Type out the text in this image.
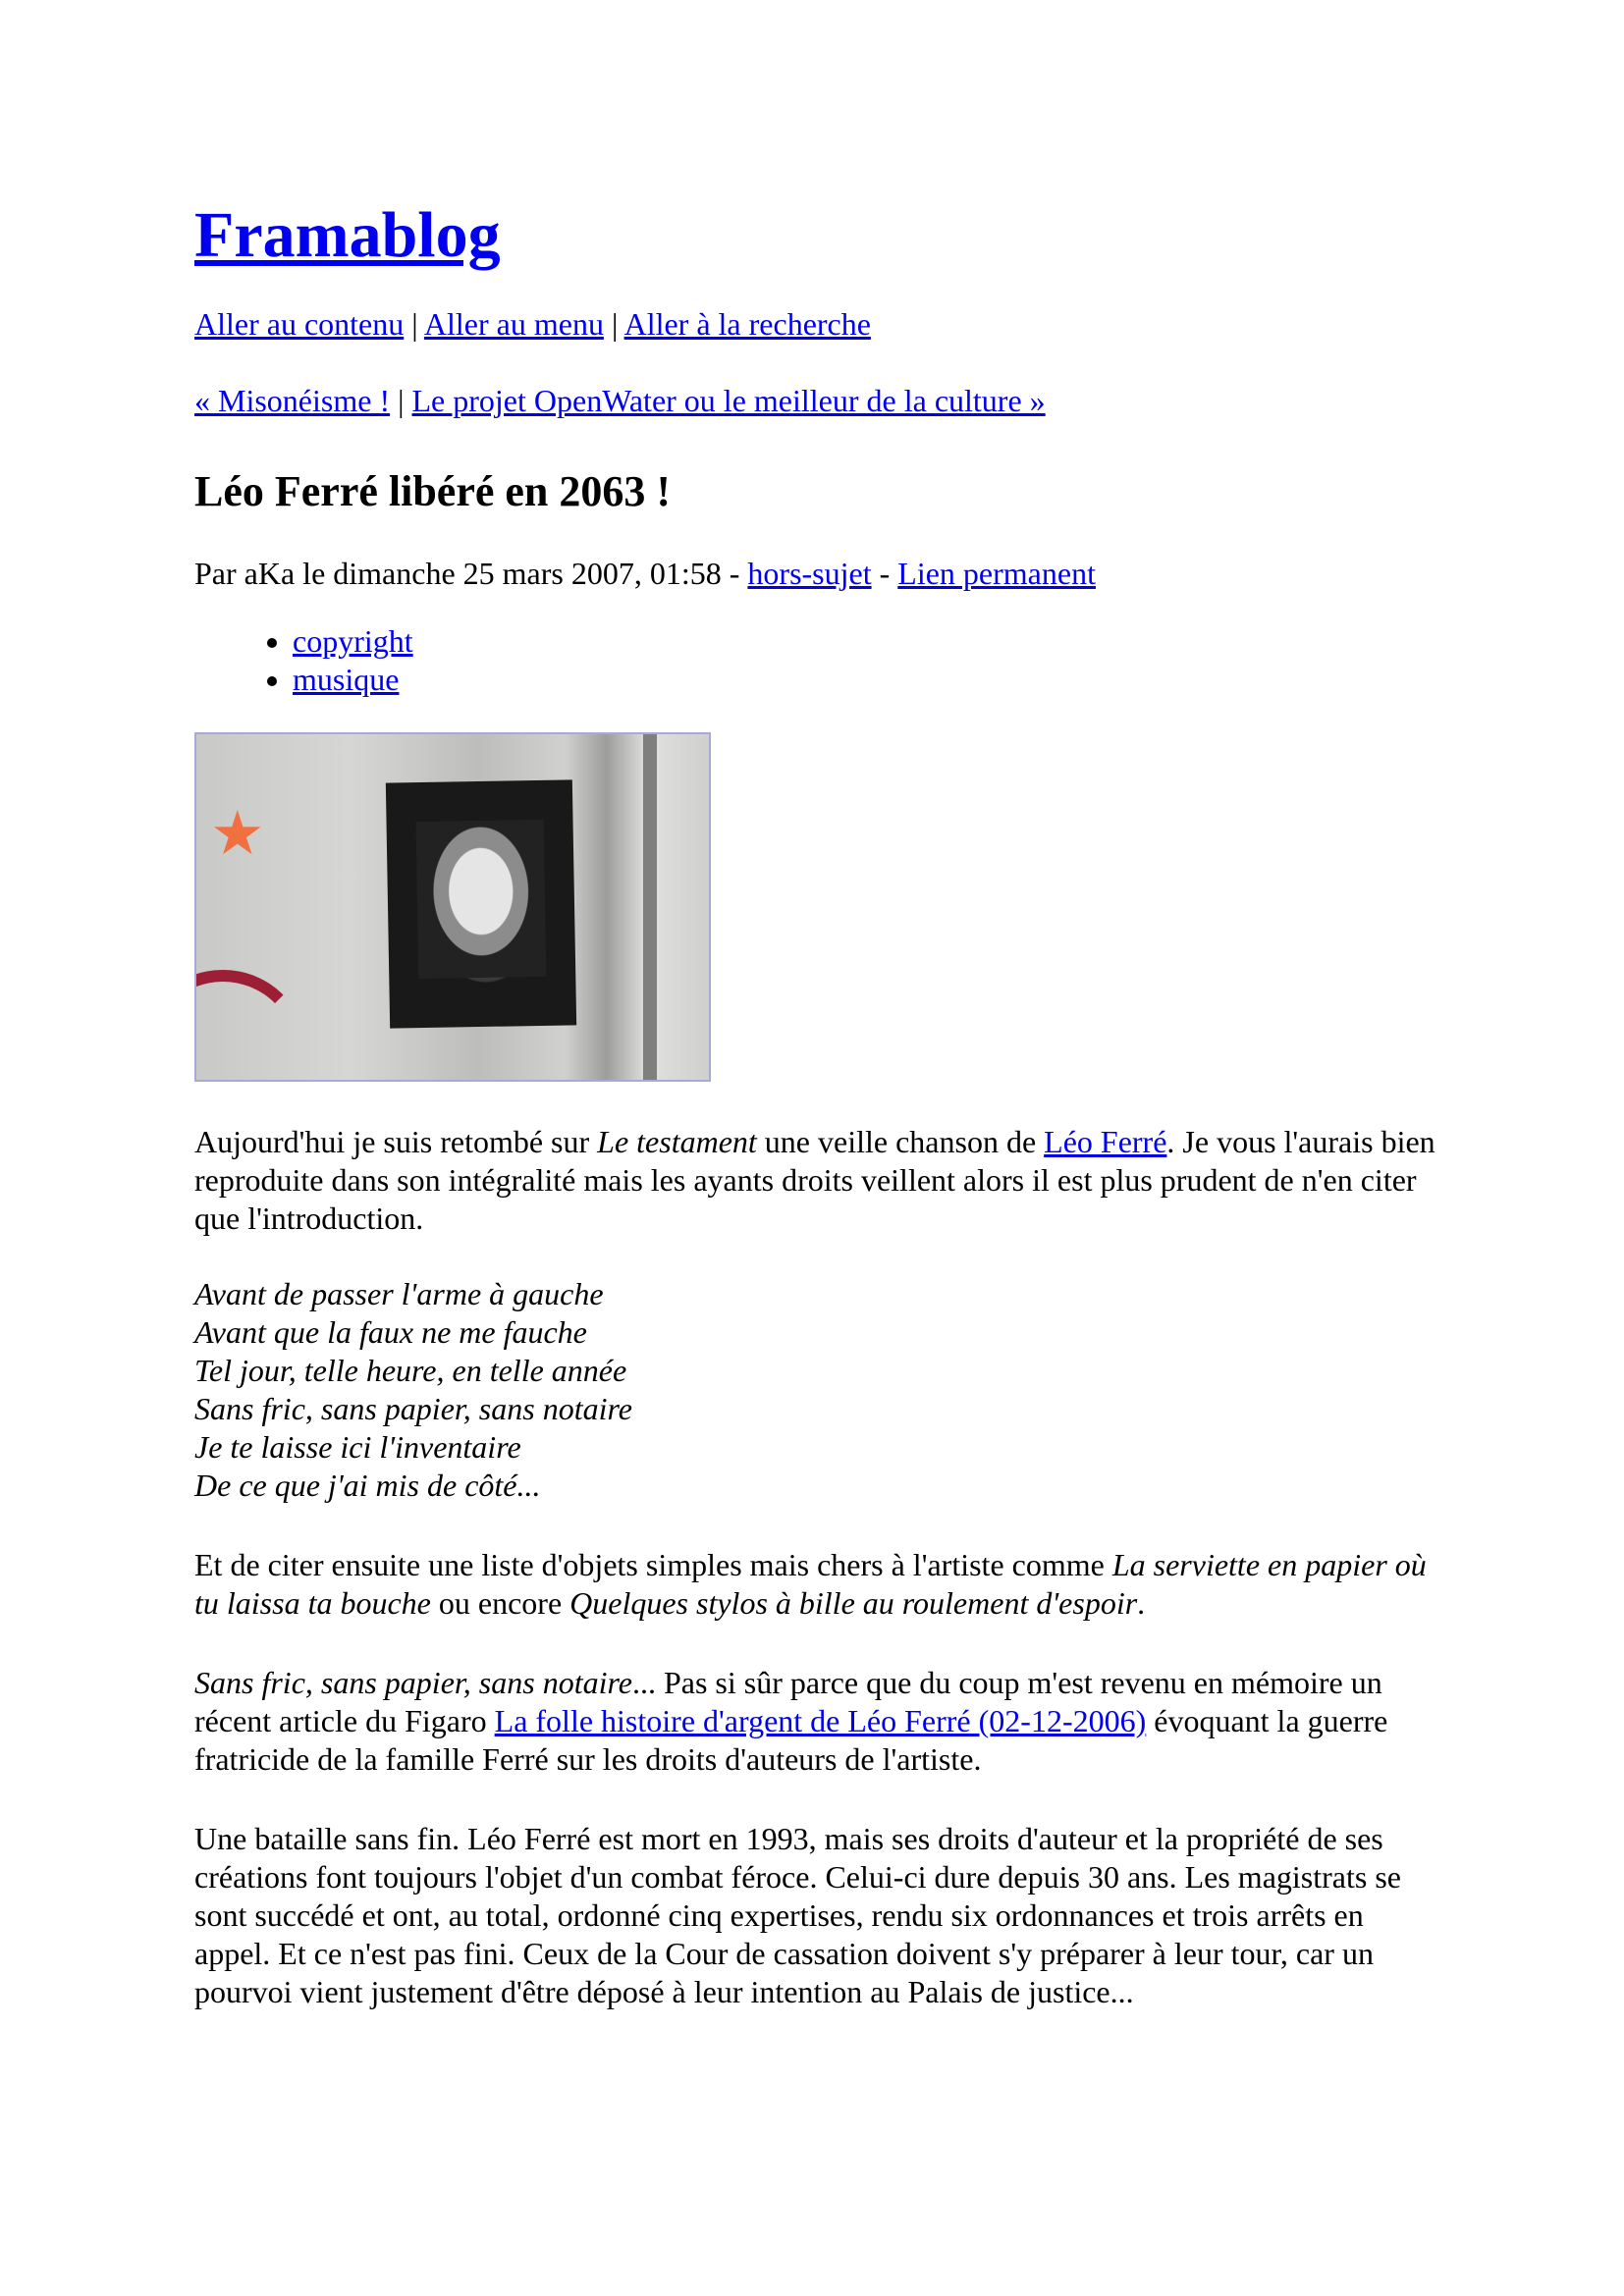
Framablog

Aller au contenu | Aller au menu | Aller à la recherche

« Misonéisme ! | Le projet OpenWater ou le meilleur de la culture »

Léo Ferré libéré en 2063 !

Par aKa le dimanche 25 mars 2007, 01:58 - hors-sujet - Lien permanent

• copyright
• musique
★

Aujourd'hui je suis retombé sur Le testament une veille chanson de Léo Ferré. Je vous l'aurais bien reproduite dans son intégralité mais les ayants droits veillent alors il est plus prudent de n'en citer que l'introduction.

Avant de passer l'arme à gauche
Avant que la faux ne me fauche
Tel jour, telle heure, en telle année
Sans fric, sans papier, sans notaire
Je te laisse ici l'inventaire
De ce que j'ai mis de côté...

Et de citer ensuite une liste d'objets simples mais chers à l'artiste comme La serviette en papier où tu laissa ta bouche ou encore Quelques stylos à bille au roulement d'espoir.

Sans fric, sans papier, sans notaire... Pas si sûr parce que du coup m'est revenu en mémoire un récent article du Figaro La folle histoire d'argent de Léo Ferré (02-12-2006) évoquant la guerre fratricide de la famille Ferré sur les droits d'auteurs de l'artiste.

Une bataille sans fin. Léo Ferré est mort en 1993, mais ses droits d'auteur et la propriété de ses créations font toujours l'objet d'un combat féroce. Celui-ci dure depuis 30 ans. Les magistrats se sont succédé et ont, au total, ordonné cinq expertises, rendu six ordonnances et trois arrêts en appel. Et ce n'est pas fini. Ceux de la Cour de cassation doivent s'y préparer à leur tour, car un pourvoi vient justement d'être déposé à leur intention au Palais de justice...
